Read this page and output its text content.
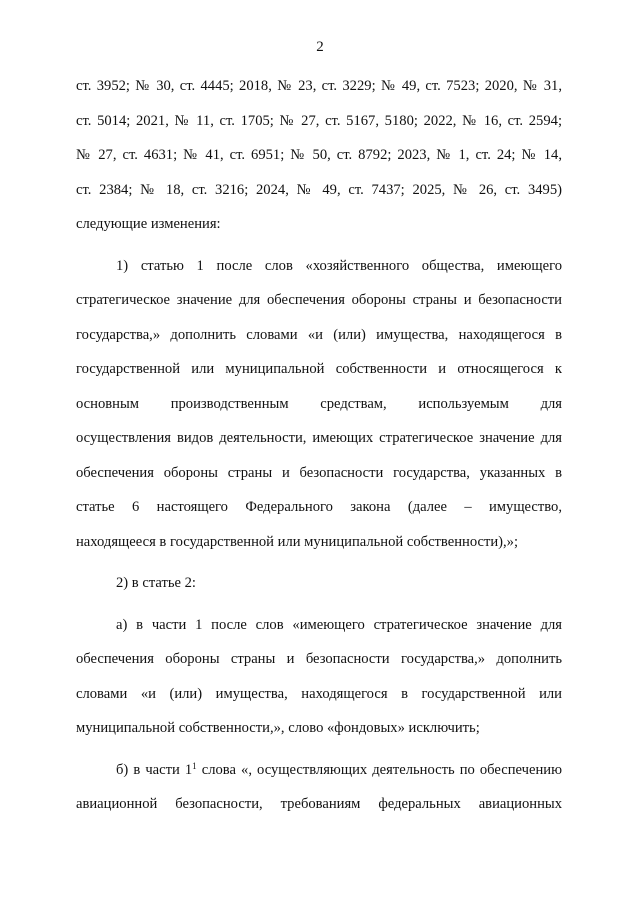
2
ст. 3952; № 30, ст. 4445; 2018, № 23, ст. 3229; № 49, ст. 7523; 2020, № 31,
ст. 5014; 2021, № 11, ст. 1705; № 27, ст. 5167, 5180; 2022, № 16, ст. 2594;
№ 27, ст. 4631; № 41, ст. 6951; № 50, ст. 8792; 2023, № 1, ст. 24; № 14,
ст. 2384; № 18, ст. 3216; 2024, № 49, ст. 7437; 2025, № 26, ст. 3495)
следующие изменения:
1) статью 1 после слов «хозяйственного общества, имеющего
стратегическое значение для обеспечения обороны страны и безопасности
государства,» дополнить словами «и (или) имущества, находящегося в
государственной или муниципальной собственности и относящегося к
основным производственным средствам, используемым для
осуществления видов деятельности, имеющих стратегическое значение для
обеспечения обороны страны и безопасности государства, указанных в
статье 6 настоящего Федерального закона (далее – имущество,
находящееся в государственной или муниципальной собственности),»;
2) в статье 2:
а) в части 1 после слов «имеющего стратегическое значение для
обеспечения обороны страны и безопасности государства,» дополнить
словами «и (или) имущества, находящегося в государственной или
муниципальной собственности,», слово «фондовых» исключить;
б) в части $1^1$ слова «, осуществляющих деятельность по обеспечению
авиационной безопасности, требованиям федеральных авиационных
